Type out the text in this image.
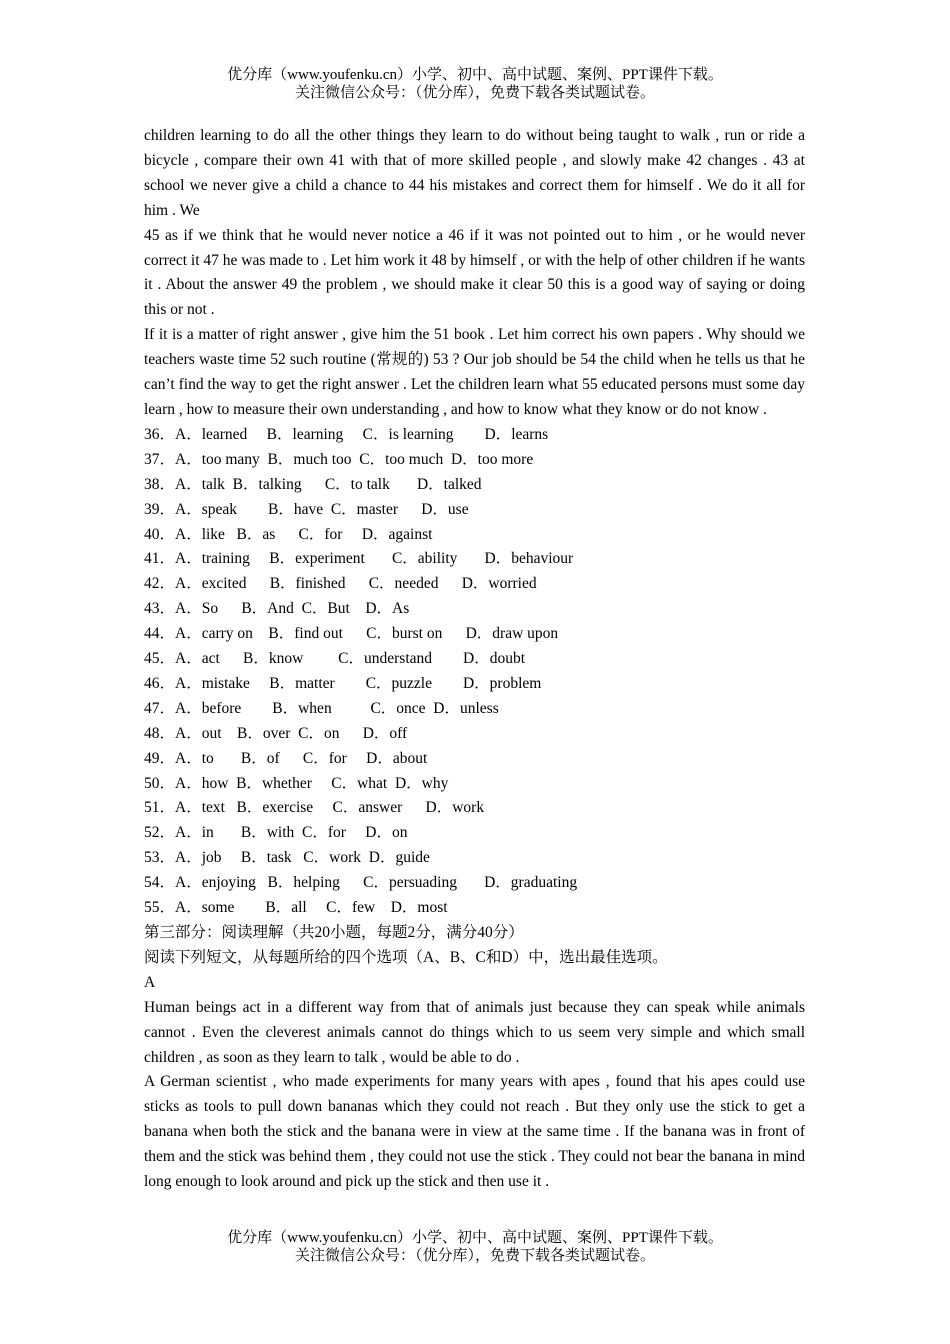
优分库（www.youfenku.cn）小学、初中、高中试题、案例、PPT课件下载。
关注微信公众号：（优分库），免费下载各类试题试卷。

children learning to do all the other things they learn to do without being taught to walk , run or ride a bicycle , compare their own 41 with that of more skilled people , and slowly make 42 changes . 43 at school we never give a child a chance to 44 his mistakes and correct them for himself . We do it all for him . We

45 as if we think that he would never notice a 46 if it was not pointed out to him , or he would never correct it 47 he was made to . Let him work it 48 by himself , or with the help of other children if he wants it . About the answer 49 the problem , we should make it clear 50 this is a good way of saying or doing this or not .

If it is a matter of right answer , give him the 51 book . Let him correct his own papers . Why should we teachers waste time 52 such routine (常规的) 53 ? Our job should be 54 the child when he tells us that he can’t find the way to get the right answer . Let the children learn what 55 educated persons must some day learn , how to measure their own understanding , and how to know what they know or do not know .

36．A．learned     B．learning     C．is learning        D．learns

37．A．too many  B．much too  C．too much  D．too more

38．A．talk  B．talking      C．to talk       D．talked

39．A．speak        B．have  C．master      D．use

40．A．like   B．as      C．for     D．against

41．A．training     B．experiment       C．ability       D．behaviour

42．A．excited      B．finished      C．needed      D．worried

43．A．So      B．And  C．But    D．As

44．A．carry on    B．find out      C．burst on      D．draw upon

45．A．act      B．know         C．understand        D．doubt

46．A．mistake     B．matter        C．puzzle        D．problem

47．A．before        B．when          C．once  D．unless

48．A．out    B．over  C．on      D．off

49．A．to       B．of      C．for     D．about

50．A．how  B．whether     C．what  D．why

51．A．text   B．exercise     C．answer      D．work

52．A．in       B．with  C．for     D．on

53．A．job     B．task   C．work  D．guide

54．A．enjoying   B．helping      C．persuading       D．graduating

55．A．some        B．all     C．few    D．most

第三部分：阅读理解（共20小题，每题2分，满分40分）

阅读下列短文，从每题所给的四个选项（A、B、C和D）中，选出最佳选项。

A

Human beings act in a different way from that of animals just because they can speak while animals cannot . Even the cleverest animals cannot do things which to us seem very simple and which small children , as soon as they learn to talk , would be able to do .

A German scientist , who made experiments for many years with apes , found that his apes could use sticks as tools to pull down bananas which they could not reach . But they only use the stick to get a banana when both the stick and the banana were in view at the same time . If the banana was in front of them and the stick was behind them , they could not use the stick . They could not bear the banana in mind long enough to look around and pick up the stick and then use it .

优分库（www.youfenku.cn）小学、初中、高中试题、案例、PPT课件下载。
关注微信公众号：（优分库），免费下载各类试题试卷。
